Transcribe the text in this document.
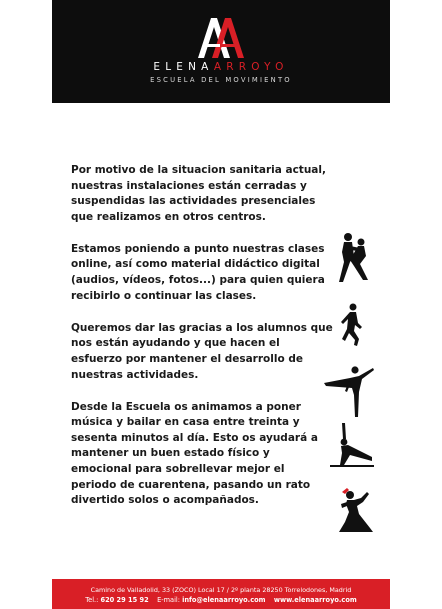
ELENAARROYO
ESCUELA DEL MOVIMIENTO

Por motivo de la situacion sanitaria actual, nuestras instalaciones están cerradas y suspendidas las actividades presenciales que realizamos en otros centros.

Estamos poniendo a punto nuestras clases online, así como material didáctico digital (audios, vídeos, fotos...) para quien quiera recibirlo o continuar las clases.

Queremos dar las gracias a los alumnos que nos están ayudando y que hacen el esfuerzo por mantener el desarrollo de nuestras actividades.

Desde la Escuela os animamos a poner música y bailar en casa entre treinta y sesenta minutos al día. Esto os ayudará a mantener un buen estado físico y emocional para sobrellevar mejor el periodo de cuarentena, pasando un rato divertido solos o acompañados.

Camino de Valladolid, 33 (ZOCO) Local 17 / 2º planta 28250 Torrelodones, Madrid
Tel.: 620 29 15 92 E-mail: info@elenaarroyo.com www.elenaarroyo.com
